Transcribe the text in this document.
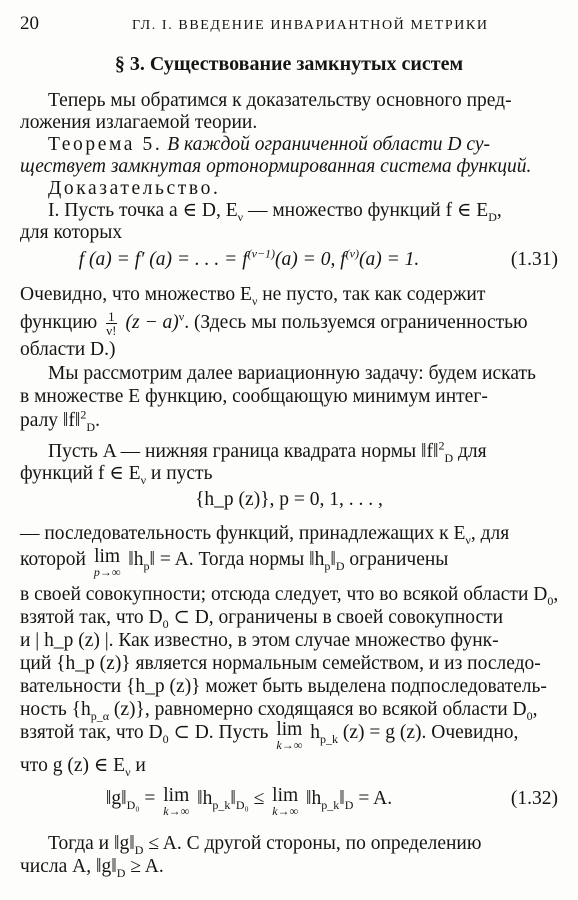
20	ГЛ. I. ВВЕДЕНИЕ ИНВАРИАНТНОЙ МЕТРИКИ
§ 3. Существование замкнутых систем
Теперь мы обратимся к доказательству основного пред-
ложения излагаемой теории.
Теорема 5. В каждой ограниченной области D су-
ществует замкнутая ортонормированная система функций.
Доказательство.
I. Пусть точка a ∈ D, $E_\nu$ — множество функций f ∈ $E_D$,
для которых
f (a) = f′ (a) = . . . = $f^{(\nu-1)}(a) = 0$, $f^{(\nu)}(a) = 1$.	(1.31)
Очевидно, что множество $E_\nu$ не пусто, так как содержит
функцию $\frac{1}{\nu!} (z - a)^\nu$. (Здесь мы пользуемся ограниченностью
области D.)
Мы рассмотрим далее вариационную задачу: будем искать
в множестве E функцию, сообщающую минимум интег-
ралу ‖f‖$^2_D$.
Пусть A — нижняя граница квадрата нормы ‖f‖$^2_D$ для
функций f ∈ $E_\nu$ и пусть
{h_p (z)}, p = 0, 1, . . . ,
— последовательность функций, принадлежащих к $E_\nu$, для
которой lim
p→∞
$‖h_p‖ = A$. Тогда нормы $‖h_p‖_D$ ограничены
в своей совокупности; отсюда следует, что во всякой области $D_0$,
взятой так, что $D_0$ ⊂ D, ограничены в своей совокупности
и | h_p (z) |. Как известно, в этом случае множество функ-
ций {h_p (z)} является нормальным семейством, и из последо-
вательности {h_p (z)} может быть выделена подпоследователь-
ность {$h_{p\_\alpha}$ (z)}, равномерно сходящаяся во всякой области $D_0$,
взятой так, что $D_0$ ⊂ D. Пусть lim
k→∞
$h_{p\_k}$ (z) = g (z). Очевидно,
что g (z) ∈ $E_\nu$ и
$‖g‖_{D_0} = \lim$
k→∞
$‖h_{p\_k}‖_{D_0} \le \lim$
k→∞
$‖h_{p\_k}‖_D = A$.	(1.32)
Тогда и $‖g‖_D \le A$. С другой стороны, по определению
числа A, $‖g‖_D \ge A$.
